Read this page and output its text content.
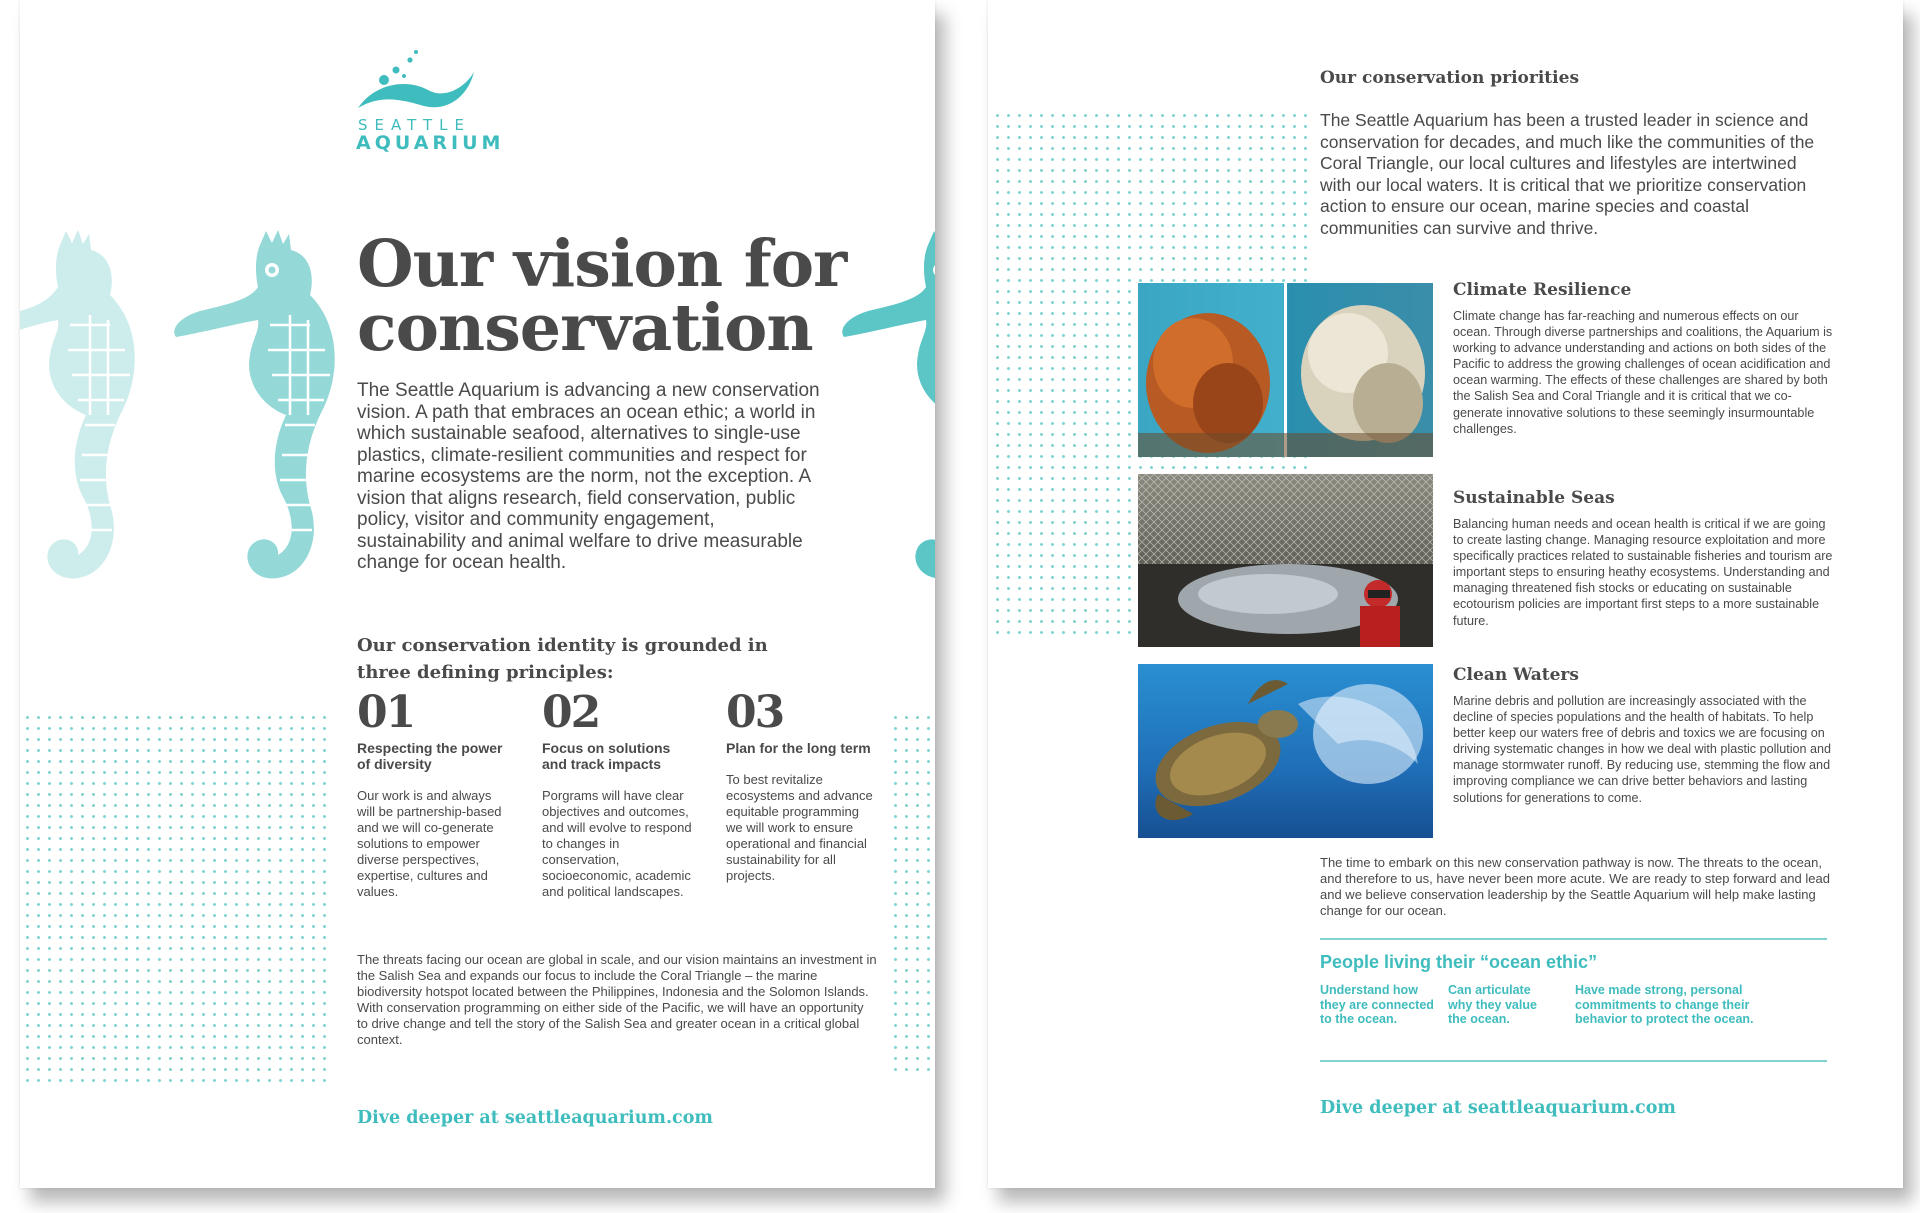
SEATTLE
AQUARIUM
Our vision for conservation
The Seattle Aquarium is advancing a new conservation vision. A path that embraces an ocean ethic; a world in which sustainable seafood, alternatives to single-use plastics, climate-resilient communities and respect for marine ecosystems are the norm, not the exception. A vision that aligns research, field conservation, public policy, visitor and community engagement, sustainability and animal welfare to drive measurable change for ocean health.
Our conservation identity is grounded in three defining principles:
01
Respecting the power of diversity
Our work is and always will be partnership-based and we will co-generate solutions to empower diverse perspectives, expertise, cultures and values.
02
Focus on solutions and track impacts
Porgrams will have clear objectives and outcomes, and will evolve to respond to changes in conservation, socioeconomic, academic and political landscapes.
03
Plan for the long term
To best revitalize ecosystems and advance equitable programming we will work to ensure operational and financial sustainability for all projects.
The threats facing our ocean are global in scale, and our vision maintains an investment in the Salish Sea and expands our focus to include the Coral Triangle – the marine biodiversity hotspot located between the Philippines, Indonesia and the Solomon Islands. With conservation programming on either side of the Pacific, we will have an opportunity to drive change and tell the story of the Salish Sea and greater ocean in a critical global context.
Dive deeper at seattleaquarium.com
Our conservation priorities
The Seattle Aquarium has been a trusted leader in science and conservation for decades, and much like the communities of the Coral Triangle, our local cultures and lifestyles are intertwined with our local waters. It is critical that we prioritize conservation action to ensure our ocean, marine species and coastal communities can survive and thrive.
Climate Resilience
Climate change has far-reaching and numerous effects on our ocean. Through diverse partnerships and coalitions, the Aquarium is working to advance understanding and actions on both sides of the Pacific to address the growing challenges of ocean acidification and ocean warming. The effects of these challenges are shared by both the Salish Sea and Coral Triangle and it is critical that we co-generate innovative solutions to these seemingly insurmountable challenges.
Sustainable Seas
Balancing human needs and ocean health is critical if we are going to create lasting change. Managing resource exploitation and more specifically practices related to sustainable fisheries and tourism are important steps to ensuring heathy ecosystems. Understanding and managing threatened fish stocks or educating on sustainable ecotourism policies are important first steps to a more sustainable future.
Clean Waters
Marine debris and pollution are increasingly associated with the decline of species populations and the health of habitats. To help better keep our waters free of debris and toxics we are focusing on driving systematic changes in how we deal with plastic pollution and manage stormwater runoff. By reducing use, stemming the flow and improving compliance we can drive better behaviors and lasting solutions for generations to come.
The time to embark on this new conservation pathway is now. The threats to the ocean, and therefore to us, have never been more acute. We are ready to step forward and lead and we believe conservation leadership by the Seattle Aquarium will help make lasting change for our ocean.
People living their “ocean ethic”
Understand how they are connected to the ocean.
Can articulate why they value the ocean.
Have made strong, personal commitments to change their behavior to protect the ocean.
Dive deeper at seattleaquarium.com
